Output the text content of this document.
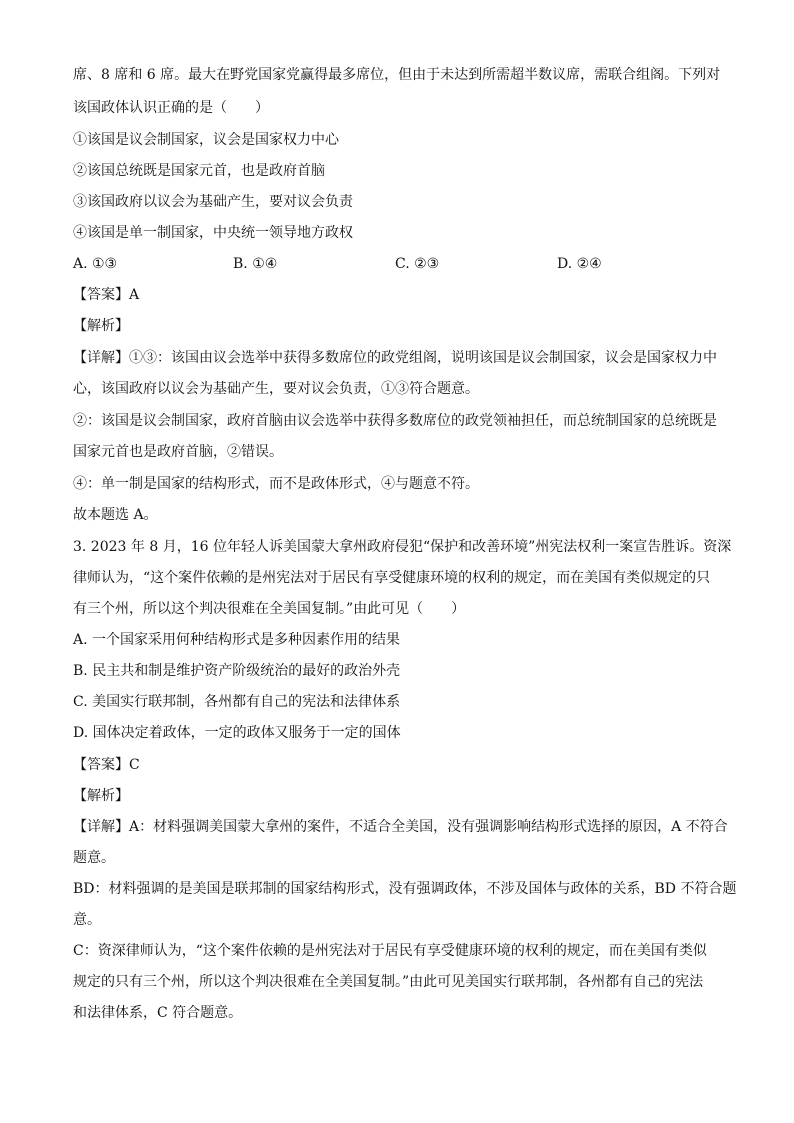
席、8 席和 6 席。最大在野党国家党赢得最多席位，但由于未达到所需超半数议席，需联合组阁。下列对
该国政体认识正确的是（　　）
①该国是议会制国家，议会是国家权力中心
②该国总统既是国家元首，也是政府首脑
③该国政府以议会为基础产生，要对议会负责
④该国是单一制国家，中央统一领导地方政权
A. ①③	B. ①④	C. ②③	D. ②④
【答案】A
【解析】
【详解】①③：该国由议会选举中获得多数席位的政党组阁，说明该国是议会制国家，议会是国家权力中
心，该国政府以议会为基础产生，要对议会负责，①③符合题意。
②：该国是议会制国家，政府首脑由议会选举中获得多数席位的政党领袖担任，而总统制国家的总统既是
国家元首也是政府首脑，②错误。
④：单一制是国家的结构形式，而不是政体形式，④与题意不符。
故本题选 A。
3. 2023 年 8 月，16 位年轻人诉美国蒙大拿州政府侵犯“保护和改善环境”州宪法权利一案宣告胜诉。资深
律师认为，“这个案件依赖的是州宪法对于居民有享受健康环境的权利的规定，而在美国有类似规定的只
有三个州，所以这个判决很难在全美国复制。”由此可见（　　）
A. 一个国家采用何种结构形式是多种因素作用的结果
B. 民主共和制是维护资产阶级统治的最好的政治外壳
C. 美国实行联邦制，各州都有自己的宪法和法律体系
D. 国体决定着政体，一定的政体又服务于一定的国体
【答案】C
【解析】
【详解】A：材料强调美国蒙大拿州的案件，不适合全美国，没有强调影响结构形式选择的原因，A 不符合
题意。
BD：材料强调的是美国是联邦制的国家结构形式，没有强调政体，不涉及国体与政体的关系，BD 不符合题
意。
C：资深律师认为，“这个案件依赖的是州宪法对于居民有享受健康环境的权利的规定，而在美国有类似
规定的只有三个州，所以这个判决很难在全美国复制。”由此可见美国实行联邦制，各州都有自己的宪法
和法律体系，C 符合题意。
